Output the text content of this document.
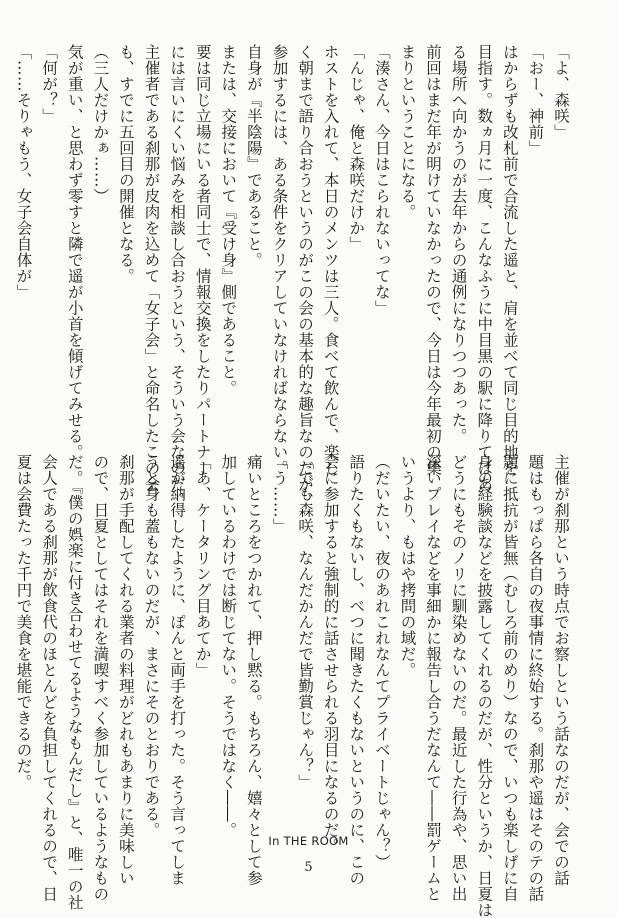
「よ、森咲」

「おー、神前」

はからずも改札前で合流した遥と、肩を並べて同じ目的地を

目指す。数ヵ月に一度、こんなふうに中目黒の駅に降りてはあ

る場所へ向かうのが去年からの通例になりつつあった。

前回はまだ年が明けていなかったので、今日は今年最初の集

まりということになる。

「湊さん、今日はこられないってな」

「んじゃ、俺と森咲だけか」

ホストを入れて、本日のメンツは三人。食べて飲んで、楽し

く朝まで語り合おうというのがこの会の基本的な趣旨なのだが、

参加するには、ある条件をクリアしていなければならない。

自身が『半陰陽』であること。

または、交接において『受け身』側であること。

要は同じ立場にいる者同士で、情報交換をしたりパートナー

には言いにくい悩みを相談し合おうという、そういう会なのだ。

主催者である刹那が皮肉を込めて「女子会」と命名したこの会

も、すでに五回目の開催となる。

（三人だけかぁ……）

気が重い、と思わず零すと隣で遥が小首を傾げてみせる。

「何が？」

「……そりゃもう、女子会自体が」

主催が刹那という時点でお察しという話なのだが、会での話

題はもっぱら各自の夜事情に終始する。刹那や遥はそのテの話

題に抵抗が皆無（むしろ前のめり）なので、いつも楽しげに自

身の経験談などを披露してくれるのだが、性分というか、日夏は

どうにもそのノリに馴染めないのだ。最近した行為や、思い出

深いプレイなどを事細かに報告し合うだなんて――罰ゲームと

いうより、もはや拷問の域だ。

（だいたい、夜のあれこれなんてプライベートじゃん？）

語りたくもないし、べつに聞きたくもないというのに、この

会に参加すると強制的に話させられる羽目になるのだ。

「でも森咲、なんだかんだで皆勤賞じゃん？」

「う……」

痛いところをつかれて、押し黙る。もちろん、嬉々として参

加しているわけでは断じてない。そうではなく――。

「あ、ケータリング目あてか」

遥が納得したように、ぽんと両手を打った。そう言ってしま

うと身も蓋もないのだが、まさにそのとおりである。

刹那が手配してくれる業者の料理がどれもあまりに美味しい

ので、日夏としてはそれを満喫すべく参加しているようなもの

だ。『僕の娯楽に付き合わせてるようなもんだし』と、唯一の社

会人である刹那が飲食代のほとんどを負担してくれるので、日

夏は会費たった千円で美食を堪能できるのだ。

In THE ROOM
5
